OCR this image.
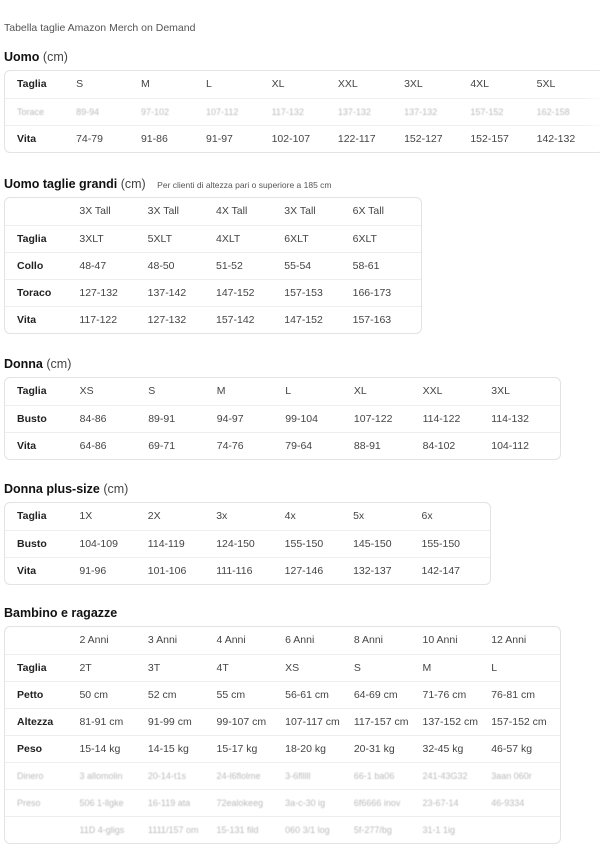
Tabella taglie Amazon Merch on Demand
Uomo (cm)
Taglia	S	M	L	XL	XXL	3XL	4XL	5XL
Torace	89-94	97-102	107-112	117-132	137-132	137-132	157-152	162-158
Vita	74-79	91-86	91-97	102-107	122-117	152-127	152-157	142-132
Uomo taglie grandi (cm) Per clienti di altezza pari o superiore a 185 cm
	3X Tall	3X Tall	4X Tall	3X Tall	6X Tall
Taglia	3XLT	5XLT	4XLT	6XLT	6XLT
Collo	48-47	48-50	51-52	55-54	58-61
Toraco	127-132	137-142	147-152	157-153	166-173
Vita	117-122	127-132	157-142	147-152	157-163
Donna (cm)
Taglia	XS	S	M	L	XL	XXL	3XL
Busto	84-86	89-91	94-97	99-104	107-122	114-122	114-132
Vita	64-86	69-71	74-76	79-64	88-91	84-102	104-112
Donna plus-size (cm)
Taglia	1X	2X	3x	4x	5x	6x
Busto	104-109	114-119	124-150	155-150	145-150	155-150
Vita	91-96	101-106	111-116	127-146	132-137	142-147
Bambino e ragazze
	2 Anni	3 Anni	4 Anni	6 Anni	8 Anni	10 Anni	12 Anni
Taglia	2T	3T	4T	XS	S	M	L
Petto	50 cm	52 cm	55 cm	56-61 cm	64-69 cm	71-76 cm	76-81 cm
Altezza	81-91 cm	91-99 cm	99-107 cm	107-117 cm	117-157 cm	137-152 cm	157-152 cm
Peso	15-14 kg	14-15 kg	15-17 kg	18-20 kg	20-31 kg	32-45 kg	46-57 kg
Dinero	3 allomolin	20-14-t1s	24-l6flolme	3-6flllll	66-1 ba06	241-43G32	3aan 060r
Preso	506 1-llgke	16-119 ata	72ealokeeg	3a-c-30 ig	6f6666 inov	23-67-14	46-9334
	11D 4-gligs	1111/157 om	15-131 fild	060 3/1 log	5f-277/bg	31-1 1ig	
